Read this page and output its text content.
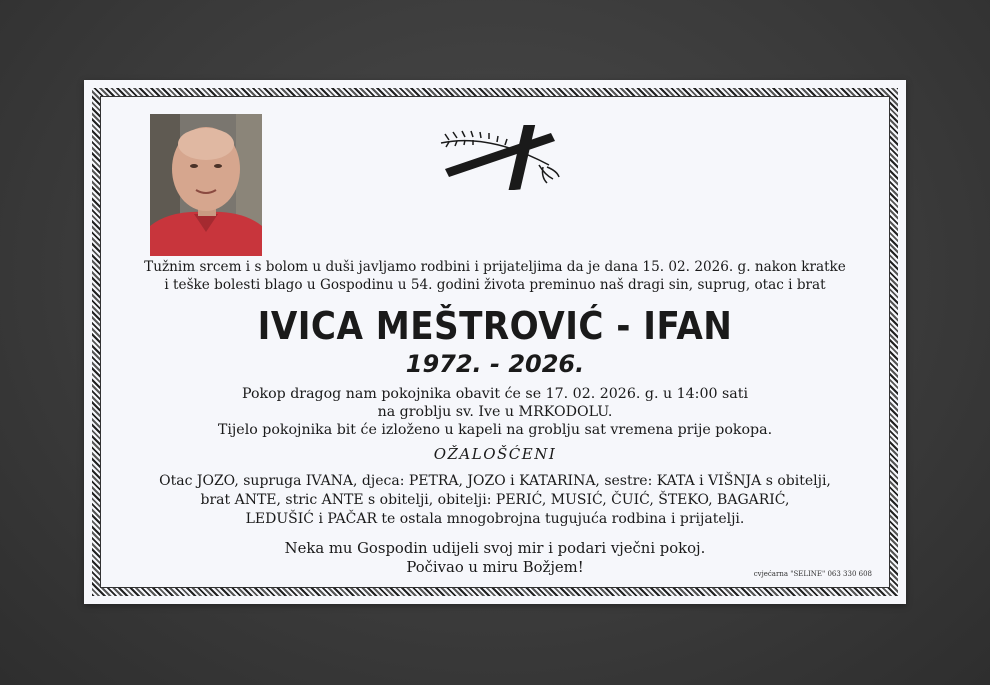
Tužnim srcem i s bolom u duši javljamo rodbini i prijateljima da je dana 15. 02. 2026. g. nakon kratke
i teške bolesti blago u Gospodinu u 54. godini života preminuo naš dragi sin, suprug, otac i brat
IVICA MEŠTROVIĆ - IFAN
1972. - 2026.
Pokop dragog nam pokojnika obavit će se 17. 02. 2026. g. u 14:00 sati
na groblju sv. Ive u MRKODOLU.
Tijelo pokojnika bit će izloženo u kapeli na groblju sat vremena prije pokopa.
OŽALOŠĆENI
Otac JOZO, supruga IVANA, djeca: PETRA, JOZO i KATARINA, sestre: KATA i VIŠNJA s obitelji,
brat ANTE, stric ANTE s obitelji, obitelji: PERIĆ, MUSIĆ, ČUIĆ, ŠTEKO, BAGARIĆ,
LEDUŠIĆ i PAČAR te ostala mnogobrojna tugujuća rodbina i prijatelji.
Neka mu Gospodin udijeli svoj mir i podari vječni pokoj.
Počivao u miru Božjem!	cvjećarna "SELINE" 063 330 608
